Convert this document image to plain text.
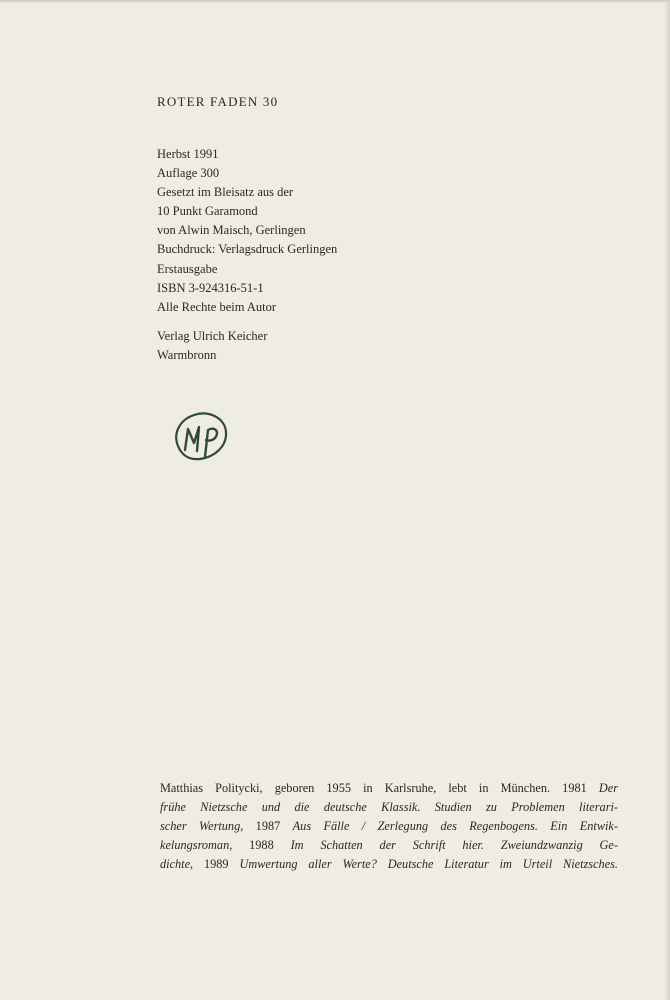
ROTER FADEN 30
Herbst 1991
Auflage 300
Gesetzt im Bleisatz aus der
10 Punkt Garamond
von Alwin Maisch, Gerlingen
Buchdruck: Verlagsdruck Gerlingen
Erstausgabe
ISBN 3-924316-51-1
Alle Rechte beim Autor
Verlag Ulrich Keicher
Warmbronn
Matthias Politycki, geboren 1955 in Karlsruhe, lebt in München. 1981 Der
frühe Nietzsche und die deutsche Klassik. Studien zu Problemen literari-
scher Wertung, 1987 Aus Fälle / Zerlegung des Regenbogens. Ein Entwik-
kelungsroman, 1988 Im Schatten der Schrift hier. Zweiundzwanzig Ge-
dichte, 1989 Umwertung aller Werte? Deutsche Literatur im Urteil Nietzsches.
